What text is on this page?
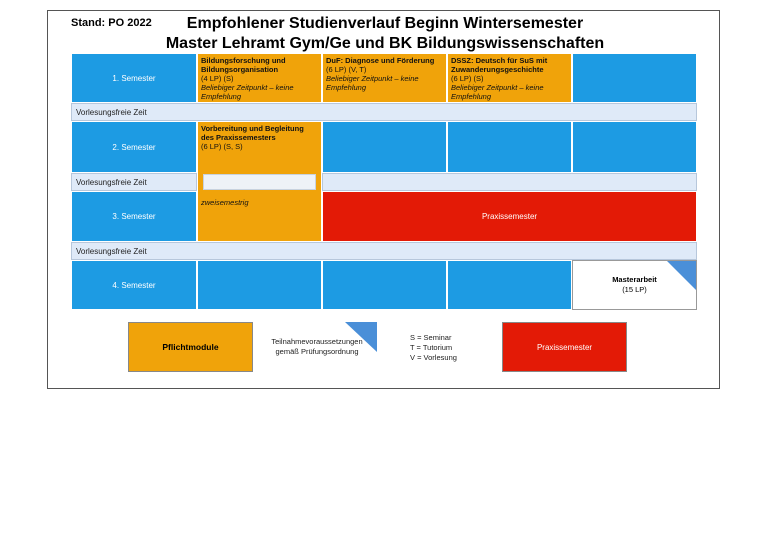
Stand: PO 2022	Empfohlener Studienverlauf Beginn Wintersemester
Master Lehramt Gym/Ge und BK Bildungswissenschaften
1. Semester
Bildungsforschung und Bildungsorganisation
(4 LP) (S)
Beliebiger Zeitpunkt – keine Empfehlung
DuF: Diagnose und Förderung
(6 LP) (V, T)
Beliebiger Zeitpunkt – keine Empfehlung
DSSZ: Deutsch für SuS mit Zuwanderungsgeschichte
(6 LP) (S)
Beliebiger Zeitpunkt – keine Empfehlung
Vorlesungsfreie Zeit
2. Semester
Vorbereitung und Begleitung des Praxissemesters
(6 LP) (S, S)
Vorlesungsfreie Zeit
3. Semester
zweisemestrig
Praxissemester
Vorlesungsfreie Zeit
4. Semester
Masterarbeit
(15 LP)
Pflichtmodule
Teilnahmevoraussetzungen
gemäß Prüfungsordnung
S = Seminar
T = Tutorium
V = Vorlesung
Praxissemester
